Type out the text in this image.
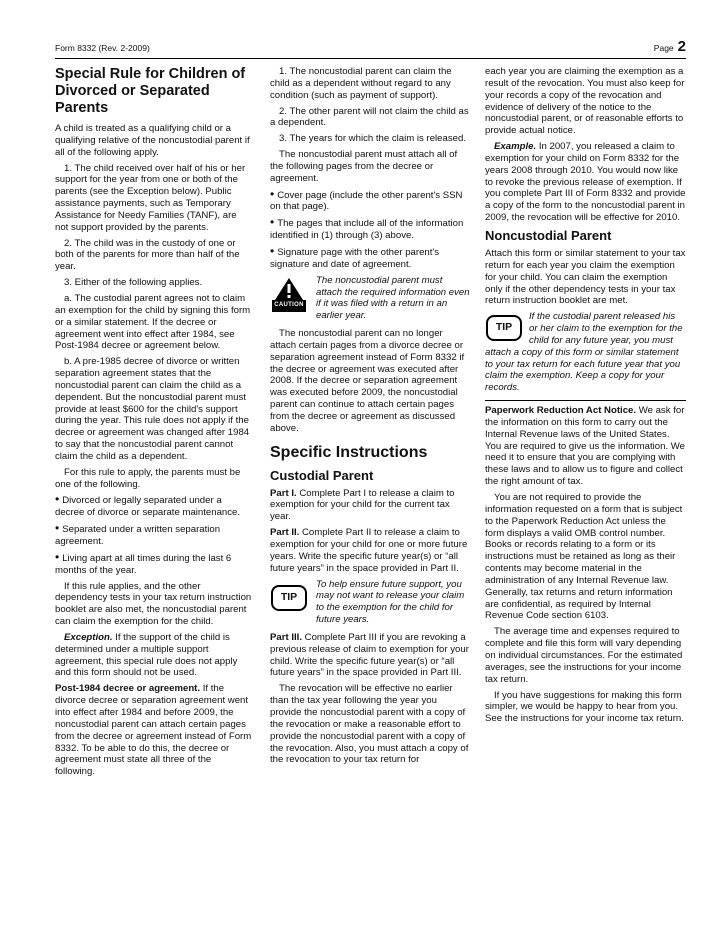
Form 8332 (Rev. 2-2009)	Page 2
Special Rule for Children of Divorced or Separated Parents

A child is treated as a qualifying child or a qualifying relative of the noncustodial parent if all of the following apply.

1. The child received over half of his or her support for the year from one or both of the parents (see the Exception below). Public assistance payments, such as Temporary Assistance for Needy Families (TANF), are not support provided by the parents.

2. The child was in the custody of one or both of the parents for more than half of the year.

3. Either of the following applies.

a. The custodial parent agrees not to claim an exemption for the child by signing this form or a similar statement. If the decree or agreement went into effect after 1984, see Post-1984 decree or agreement below.

b. A pre-1985 decree of divorce or written separation agreement states that the noncustodial parent can claim the child as a dependent. But the noncustodial parent must provide at least $600 for the child's support during the year. This rule does not apply if the decree or agreement was changed after 1984 to say that the noncustodial parent cannot claim the child as a dependent.

For this rule to apply, the parents must be one of the following.

• Divorced or legally separated under a decree of divorce or separate maintenance.

• Separated under a written separation agreement.

• Living apart at all times during the last 6 months of the year.

If this rule applies, and the other dependency tests in your tax return instruction booklet are also met, the noncustodial parent can claim the exemption for the child.

Exception. If the support of the child is determined under a multiple support agreement, this special rule does not apply and this form should not be used.

Post-1984 decree or agreement. If the divorce decree or separation agreement went into effect after 1984 and before 2009, the noncustodial parent can attach certain pages from the decree or agreement instead of Form 8332. To be able to do this, the decree or agreement must state all three of the following.

1. The noncustodial parent can claim the child as a dependent without regard to any condition (such as payment of support).

2. The other parent will not claim the child as a dependent.

3. The years for which the claim is released.

The noncustodial parent must attach all of the following pages from the decree or agreement.

• Cover page (include the other parent's SSN on that page).

• The pages that include all of the information identified in (1) through (3) above.

• Signature page with the other parent's signature and date of agreement.

CAUTION
The noncustodial parent must attach the required information even if it was filed with a return in an earlier year.

The noncustodial parent can no longer attach certain pages from a divorce decree or separation agreement instead of Form 8332 if the decree or agreement was executed after 2008. If the decree or separation agreement was executed before 2009, the noncustodial parent can continue to attach certain pages from the decree or agreement as discussed above.

Specific Instructions
Custodial Parent

Part I. Complete Part I to release a claim to exemption for your child for the current tax year.

Part II. Complete Part II to release a claim to exemption for your child for one or more future years. Write the specific future year(s) or “all future years” in the space provided in Part II.

TIP
To help ensure future support, you may not want to release your claim to the exemption for the child for future years.

Part III. Complete Part III if you are revoking a previous release of claim to exemption for your child. Write the specific future year(s) or “all future years” in the space provided in Part III.

The revocation will be effective no earlier than the tax year following the year you provide the noncustodial parent with a copy of the revocation or make a reasonable effort to provide the noncustodial parent with a copy of the revocation. Also, you must attach a copy of the revocation to your tax return for

each year you are claiming the exemption as a result of the revocation. You must also keep for your records a copy of the revocation and evidence of delivery of the notice to the noncustodial parent, or of reasonable efforts to provide actual notice.

Example. In 2007, you released a claim to exemption for your child on Form 8332 for the years 2008 through 2010. You would now like to revoke the previous release of exemption. If you complete Part III of Form 8332 and provide a copy of the form to the noncustodial parent in 2009, the revocation will be effective for 2010.

Noncustodial Parent

Attach this form or similar statement to your tax return for each year you claim the exemption for your child. You can claim the exemption only if the other dependency tests in your tax return instruction booklet are met.

TIP
If the custodial parent released his or her claim to the exemption for the child for any future year, you must attach a copy of this form or similar statement to your tax return for each future year that you claim the exemption. Keep a copy for your records.

Paperwork Reduction Act Notice. We ask for the information on this form to carry out the Internal Revenue laws of the United States. You are required to give us the information. We need it to ensure that you are complying with these laws and to allow us to figure and collect the right amount of tax.

You are not required to provide the information requested on a form that is subject to the Paperwork Reduction Act unless the form displays a valid OMB control number. Books or records relating to a form or its instructions must be retained as long as their contents may become material in the administration of any Internal Revenue law. Generally, tax returns and return information are confidential, as required by Internal Revenue Code section 6103.

The average time and expenses required to complete and file this form will vary depending on individual circumstances. For the estimated averages, see the instructions for your income tax return.

If you have suggestions for making this form simpler, we would be happy to hear from you. See the instructions for your income tax return.
